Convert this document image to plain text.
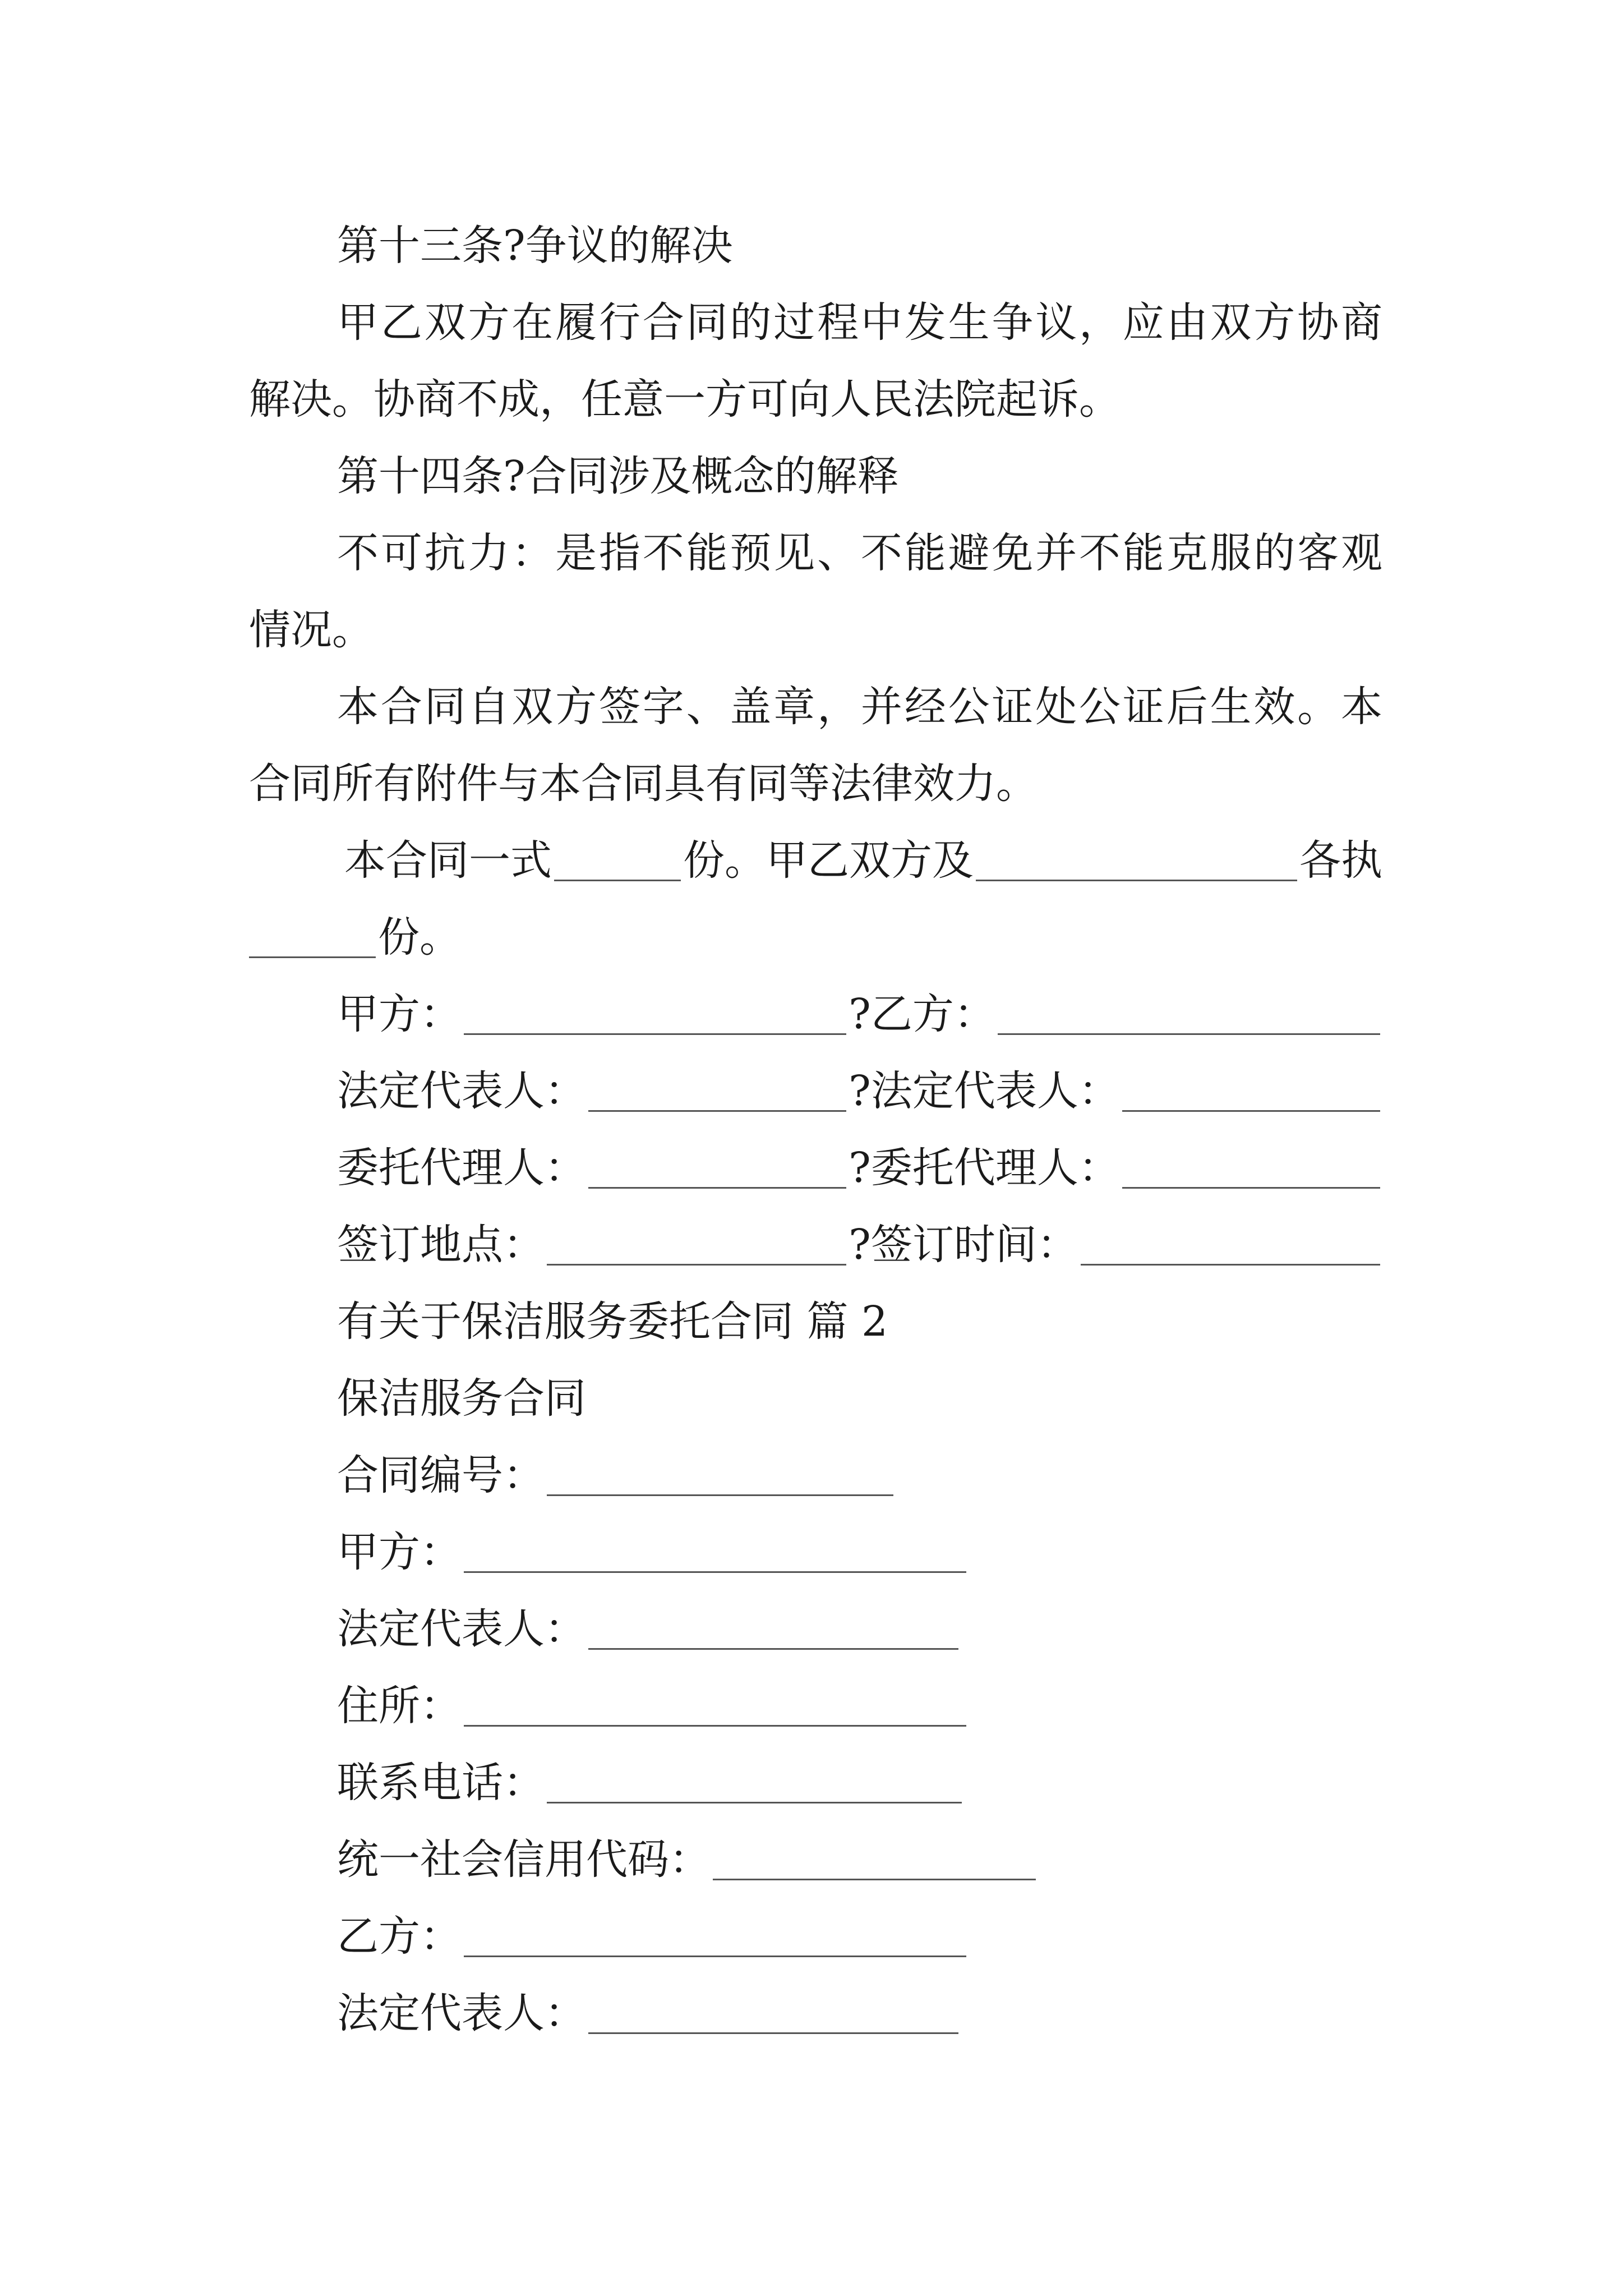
第十三条?争议的解决
甲乙双方在履行合同的过程中发生争议，应由双方协商
解决。协商不成，任意一方可向人民法院起诉。
第十四条?合同涉及概念的解释
不可抗力：是指不能预见、不能避免并不能克服的客观
情况。
本合同自双方签字、盖章，并经公证处公证后生效。本
合同所有附件与本合同具有同等法律效力。
本合同一式	份。甲乙双方及	各执
份。
甲方：	?乙方：
法定代表人：	?法定代表人：
委托代理人：	?委托代理人：
签订地点：	?签订时间：
有关于保洁服务委托合同 篇 2
保洁服务合同
合同编号：
甲方：
法定代表人：
住所：
联系电话：
统一社会信用代码：
乙方：
法定代表人：
